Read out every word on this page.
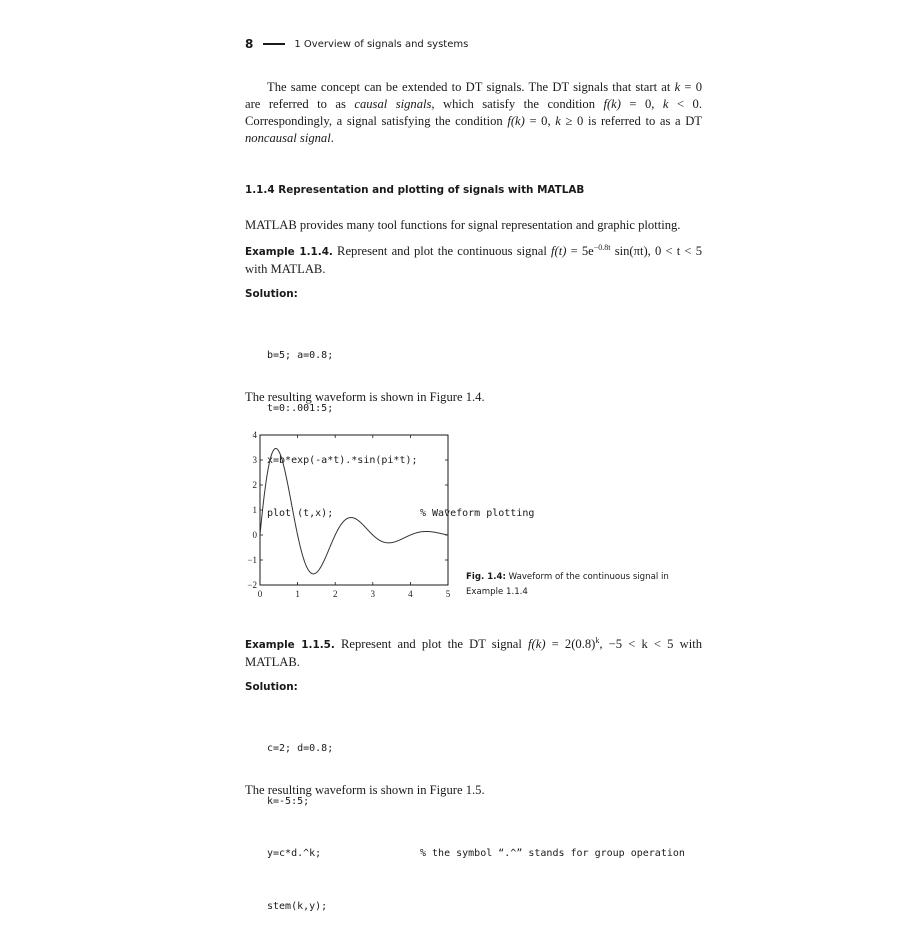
8	1 Overview of signals and systems
The same concept can be extended to DT signals. The DT signals that start at k = 0 are referred to as causal signals, which satisfy the condition f(k) = 0, k < 0. Correspondingly, a signal satisfying the condition f(k) = 0, k ≥ 0 is referred to as a DT noncausal signal.
1.1.4 Representation and plotting of signals with MATLAB
MATLAB provides many tool functions for signal representation and graphic plotting.
Example 1.1.4. Represent and plot the continuous signal $f(t) = 5e^{-0.8t}$ sin(πt), 0 < t < 5 with MATLAB.
Solution:

b=5; a=0.8;

t=0:.001:5;

x=b*exp(-a*t).*sin(pi*t);

plot (t,x);	% Waveform plotting

The resulting waveform is shown in Figure 1.4.
0	1	2	3	4	5
4
3
2
1
0
−1
−2
Fig. 1.4: Waveform of the continuous signal in Example 1.1.4
Example 1.1.5. Represent and plot the DT signal $f(k) = 2(0.8)^k$, −5 < k < 5 with MATLAB.
Solution:

c=2; d=0.8;

k=-5:5;

y=c*d.^k;	% the symbol “.^” stands for group operation

stem(k,y);

The resulting waveform is shown in Figure 1.5.
